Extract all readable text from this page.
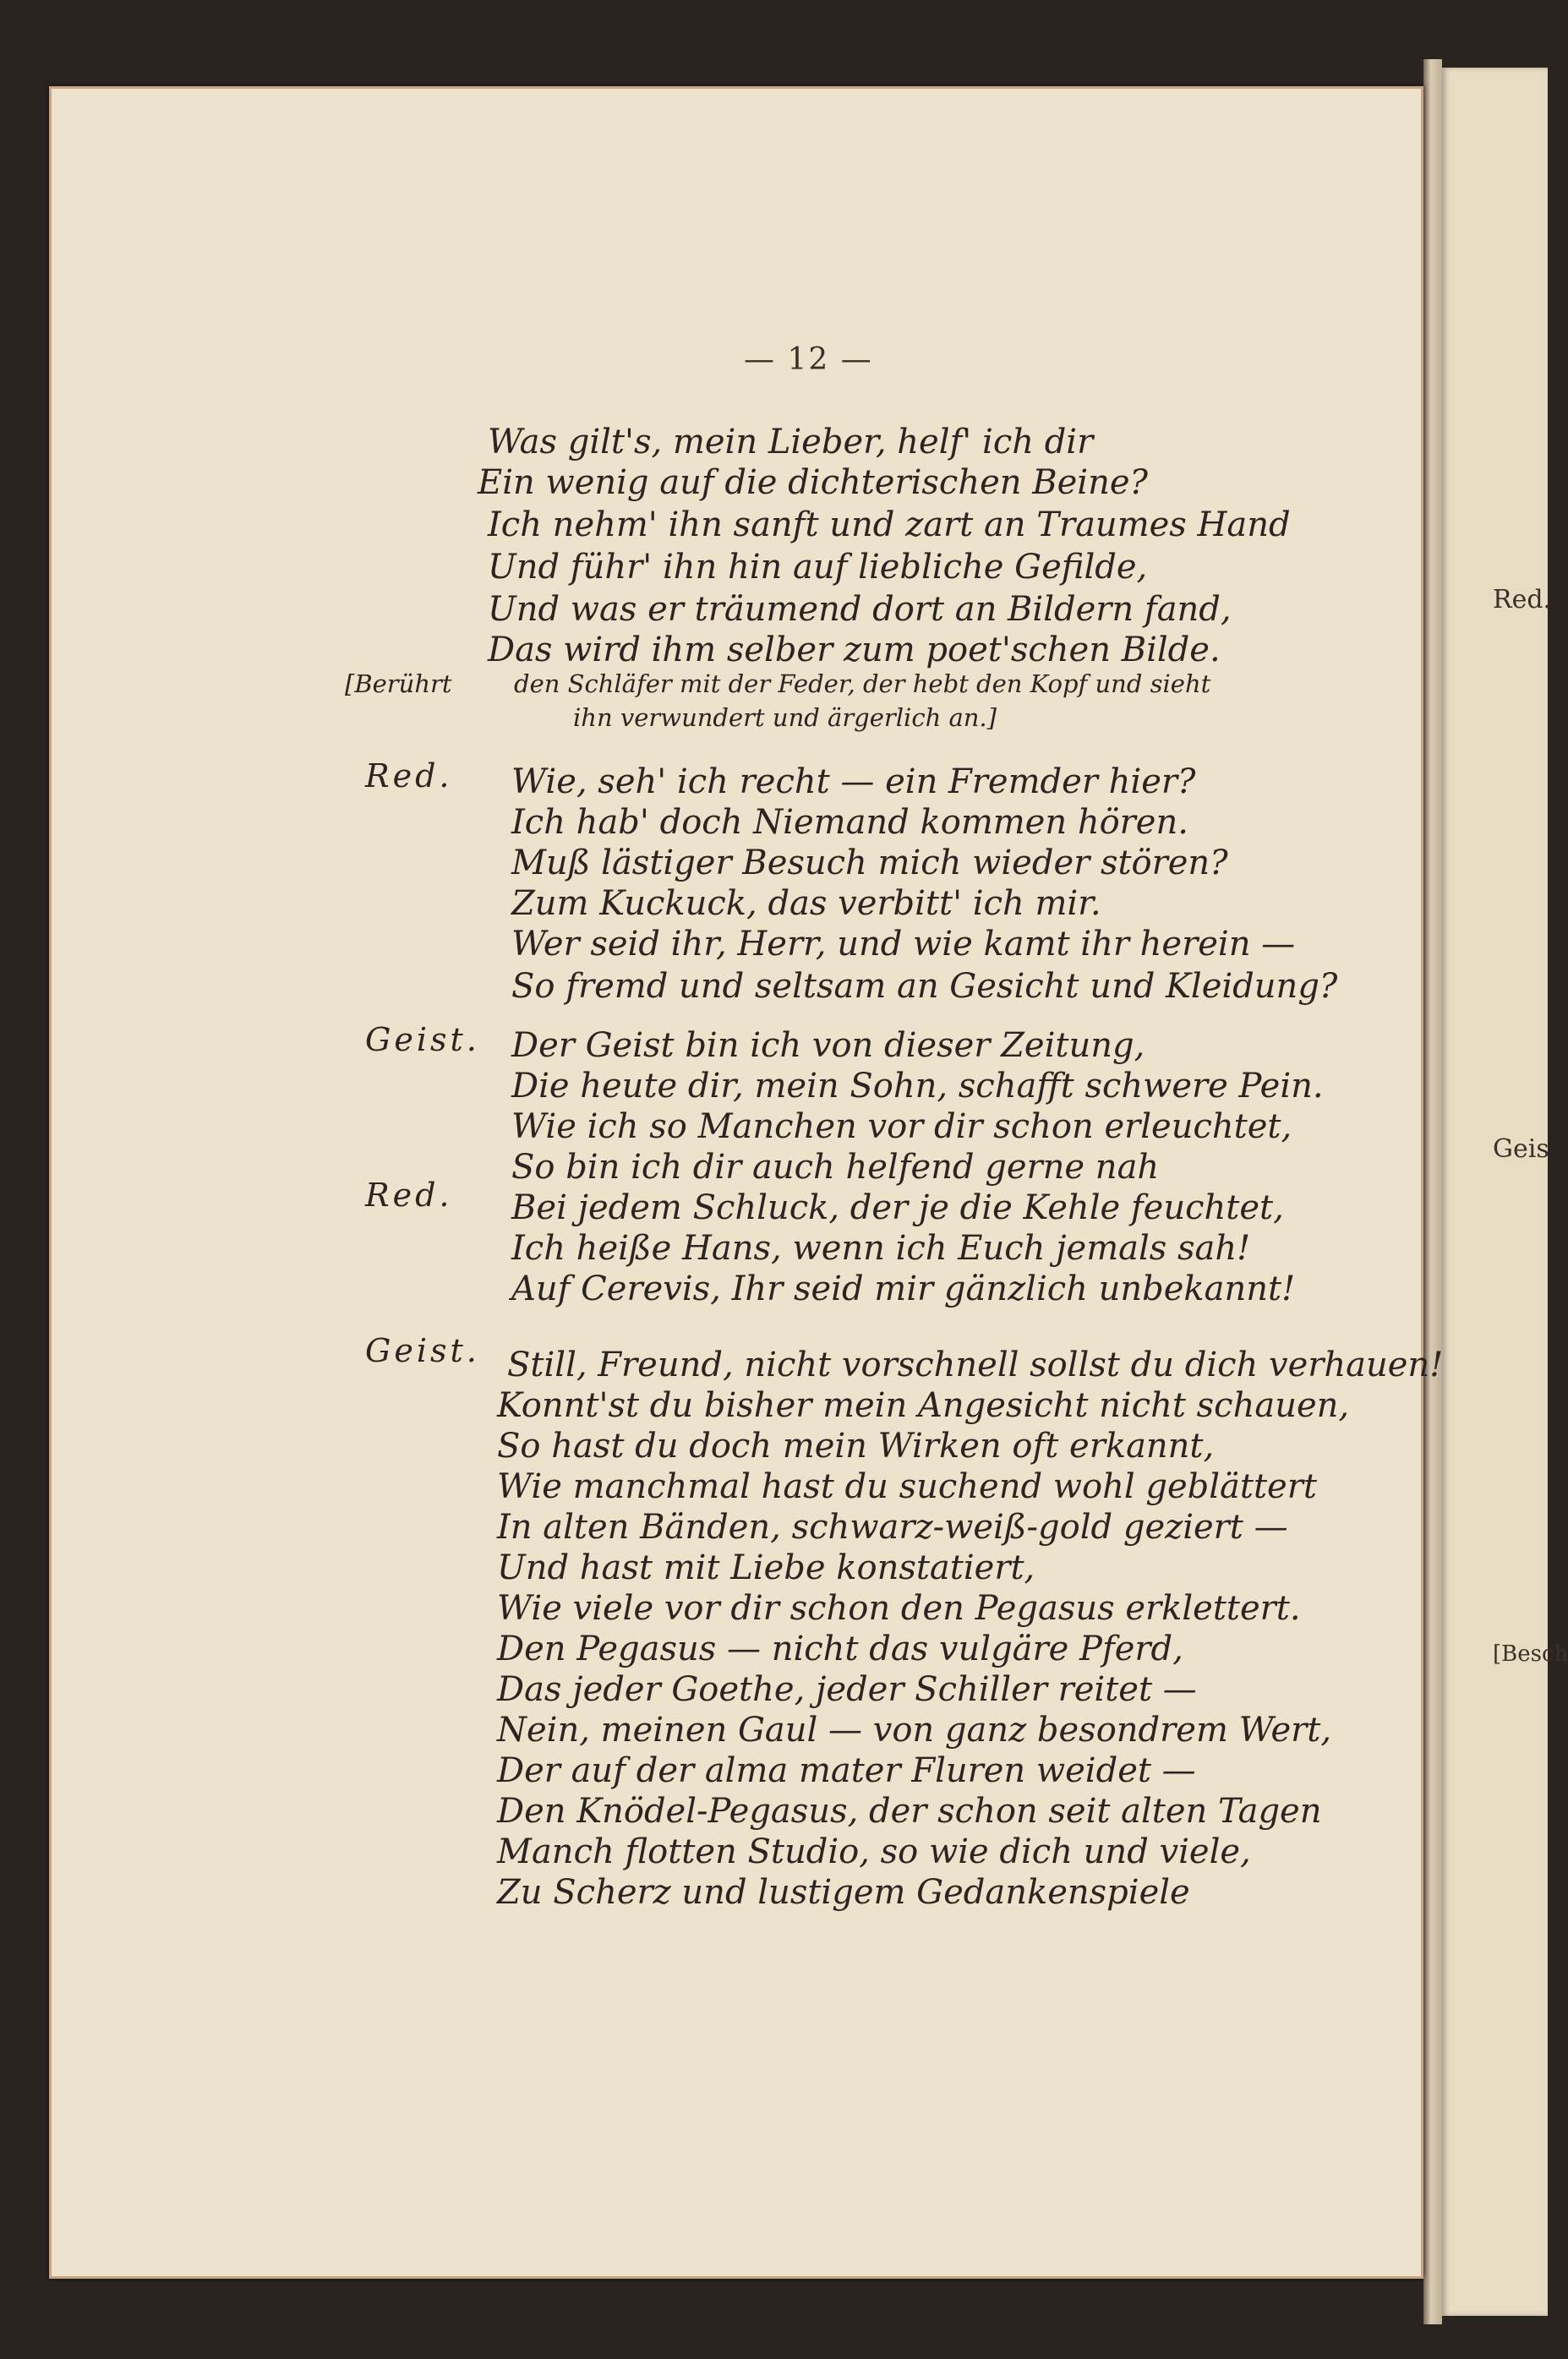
Red.
Geis
[Besch
— 12 —
Was gilt's, mein Lieber, helf' ich dir
Ein wenig auf die dichterischen Beine?
Ich nehm' ihn sanft und zart an Traumes Hand
Und führ' ihn hin auf liebliche Gefilde,
Und was er träumend dort an Bildern fand,
Das wird ihm selber zum poet'schen Bilde.
[Berührt	den Schläfer mit der Feder, der hebt den Kopf und sieht
ihn verwundert und ärgerlich an.]
Red. Wie, seh' ich recht — ein Fremder hier?
Ich hab' doch Niemand kommen hören.
Muß lästiger Besuch mich wieder stören?
Zum Kuckuck, das verbitt' ich mir.
Wer seid ihr, Herr, und wie kamt ihr herein —
So fremd und seltsam an Gesicht und Kleidung?
Geist. Der Geist bin ich von dieser Zeitung,
Die heute dir, mein Sohn, schafft schwere Pein.
Wie ich so Manchen vor dir schon erleuchtet,
So bin ich dir auch helfend gerne nah
Red. Bei jedem Schluck, der je die Kehle feuchtet,
Ich heiße Hans, wenn ich Euch jemals sah!
Auf Cerevis, Ihr seid mir gänzlich unbekannt!
Geist. Still, Freund, nicht vorschnell sollst du dich verhauen!
Konnt'st du bisher mein Angesicht nicht schauen,
So hast du doch mein Wirken oft erkannt,
Wie manchmal hast du suchend wohl geblättert
In alten Bänden, schwarz-weiß-gold geziert —
Und hast mit Liebe konstatiert,
Wie viele vor dir schon den Pegasus erklettert.
Den Pegasus — nicht das vulgäre Pferd,
Das jeder Goethe, jeder Schiller reitet —
Nein, meinen Gaul — von ganz besondrem Wert,
Der auf der alma mater Fluren weidet —
Den Knödel-Pegasus, der schon seit alten Tagen
Manch flotten Studio, so wie dich und viele,
Zu Scherz und lustigem Gedankenspiele
